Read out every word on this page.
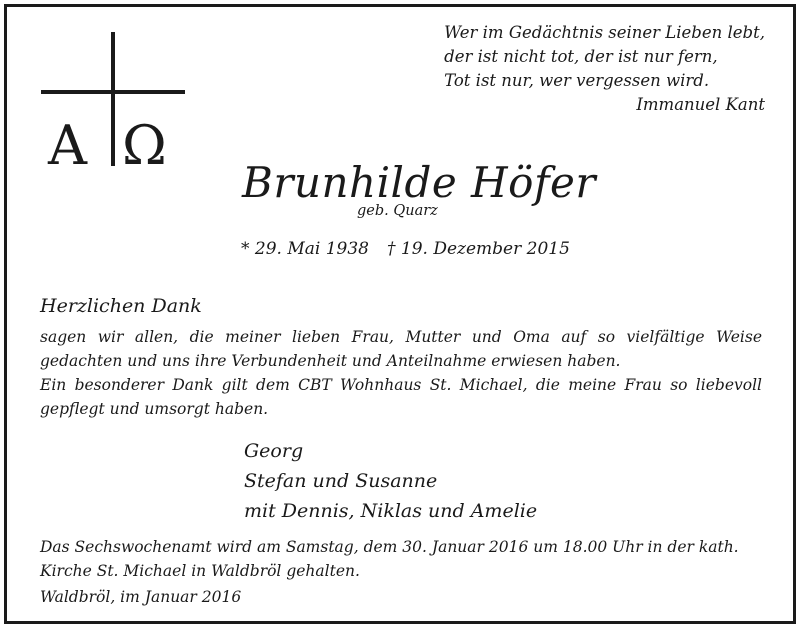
Α Ω
Wer im Gedächtnis seiner Lieben lebt,
der ist nicht tot, der ist nur fern,
Tot ist nur, wer vergessen wird.
Immanuel Kant
Brunhilde Höfer
geb. Quarz
* 29. Mai 1938 † 19. Dezember 2015
Herzlichen Dank
sagen wir allen, die meiner lieben Frau, Mutter und Oma auf so vielfältige Weise gedachten und uns ihre Verbundenheit und Anteilnahme erwiesen haben.
Ein besonderer Dank gilt dem CBT Wohnhaus St. Michael, die meine Frau so liebevoll gepflegt und umsorgt haben.
Georg
Stefan und Susanne
mit Dennis, Niklas und Amelie
Das Sechswochenamt wird am Samstag, dem 30. Januar 2016 um 18.00 Uhr in der kath. Kirche St. Michael in Waldbröl gehalten.
Waldbröl, im Januar 2016
